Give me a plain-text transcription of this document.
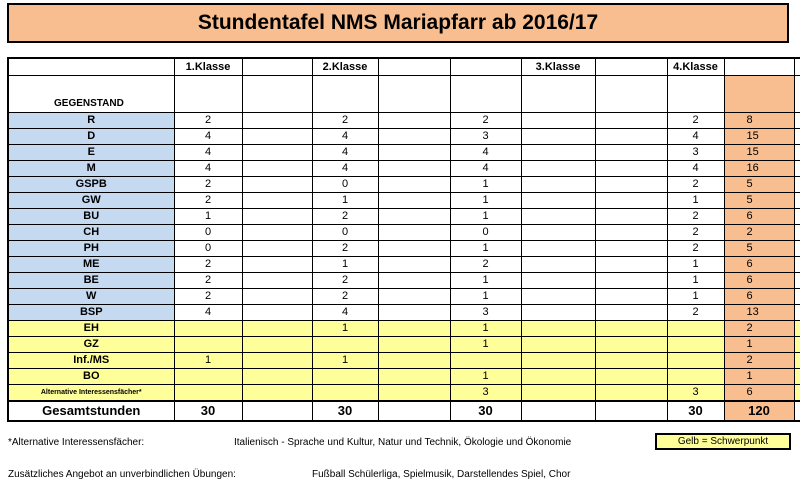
Stundentafel NMS Mariapfarr ab 2016/17
	1.Klasse		2.Klasse			3.Klasse		4.Klasse		
GEGENSTAND										
R	2		2		2			2	8	
D	4		4		3			4	15	
E	4		4		4			3	15	
M	4		4		4			4	16	
GSPB	2		0		1			2	5	
GW	2		1		1			1	5	
BU	1		2		1			2	6	
CH	0		0		0			2	2	
PH	0		2		1			2	5	
ME	2		1		2			1	6	
BE	2		2		1			1	6	
W	2		2		1			1	6	
BSP	4		4		3			2	13	
EH			1		1				2	
GZ					1				1	
Inf./MS	1		1						2	
BO					1				1	
Alternative Interessensfächer*					3			3	6	
Gesamtstunden	30		30		30			30	120	
*Alternative Interessensfächer:	Italienisch - Sprache und Kultur, Natur und Technik, Ökologie und Ökonomie	Gelb = Schwerpunkt
Zusätzliches Angebot an unverbindlichen Übungen:	Fußball Schülerliga, Spielmusik, Darstellendes Spiel, Chor
